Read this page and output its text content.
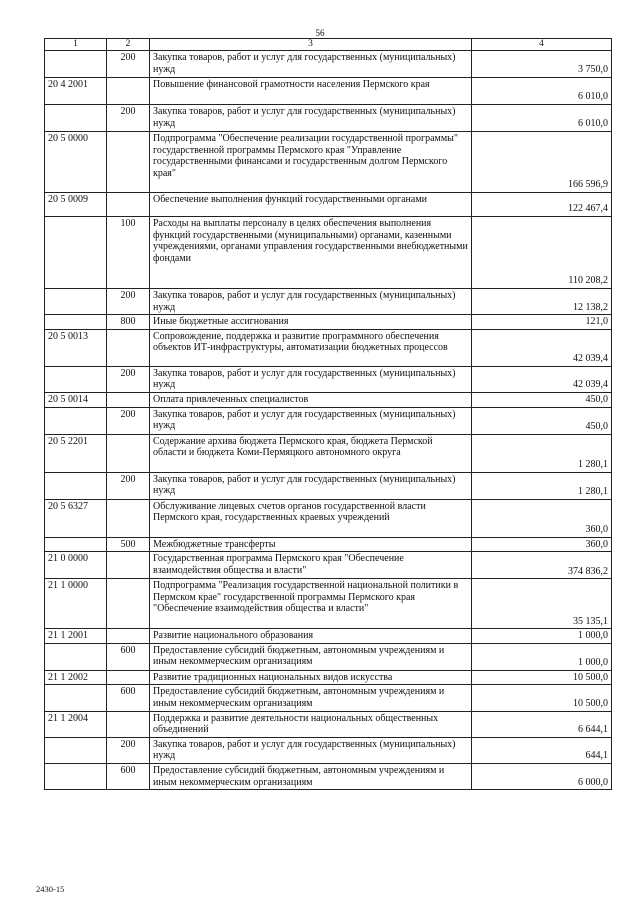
56
1	2	3	4
	200	Закупка товаров, работ и услуг для государственных (муниципальных) нужд	3 750,0
20 4 2001		Повышение финансовой грамотности населения Пермского края	6 010,0
	200	Закупка товаров, работ и услуг для государственных (муниципальных) нужд	6 010,0
20 5 0000		Подпрограмма "Обеспечение реализации государственной программы" государственной программы Пермского края "Управление государственными финансами и государственным долгом Пермского края"	166 596,9
20 5 0009		Обеспечение выполнения функций государственными органами	122 467,4
	100	Расходы на выплаты персоналу в целях обеспечения выполнения функций государственными (муниципальными) органами, казенными учреждениями, органами управления государственными внебюджетными фондами	110 208,2
	200	Закупка товаров, работ и услуг для государственных (муниципальных) нужд	12 138,2
	800	Иные бюджетные ассигнования	121,0
20 5 0013		Сопровождение, поддержка и развитие программного обеспечения объектов ИТ-инфраструктуры, автоматизации бюджетных процессов	42 039,4
	200	Закупка товаров, работ и услуг для государственных (муниципальных) нужд	42 039,4
20 5 0014		Оплата привлеченных специалистов	450,0
	200	Закупка товаров, работ и услуг для государственных (муниципальных) нужд	450,0
20 5 2201		Содержание архива бюджета Пермского края, бюджета Пермской области и бюджета Коми-Пермяцкого автономного округа	1 280,1
	200	Закупка товаров, работ и услуг для государственных (муниципальных) нужд	1 280,1
20 5 6327		Обслуживание лицевых счетов органов государственной власти Пермского края, государственных краевых учреждений	360,0
	500	Межбюджетные трансферты	360,0
21 0 0000		Государственная программа Пермского края "Обеспечение взаимодействия общества и власти"	374 836,2
21 1 0000		Подпрограмма "Реализация государственной национальной политики в Пермском крае" государственной программы Пермского края "Обеспечение взаимодействия общества и власти"	35 135,1
21 1 2001		Развитие национального образования	1 000,0
	600	Предоставление субсидий бюджетным, автономным учреждениям и иным некоммерческим организациям	1 000,0
21 1 2002		Развитие традиционных национальных видов искусства	10 500,0
	600	Предоставление субсидий бюджетным, автономным учреждениям и иным некоммерческим организациям	10 500,0
21 1 2004		Поддержка и развитие деятельности национальных общественных объединений	6 644,1
	200	Закупка товаров, работ и услуг для государственных (муниципальных) нужд	644,1
	600	Предоставление субсидий бюджетным, автономным учреждениям и иным некоммерческим организациям	6 000,0
2430-15
